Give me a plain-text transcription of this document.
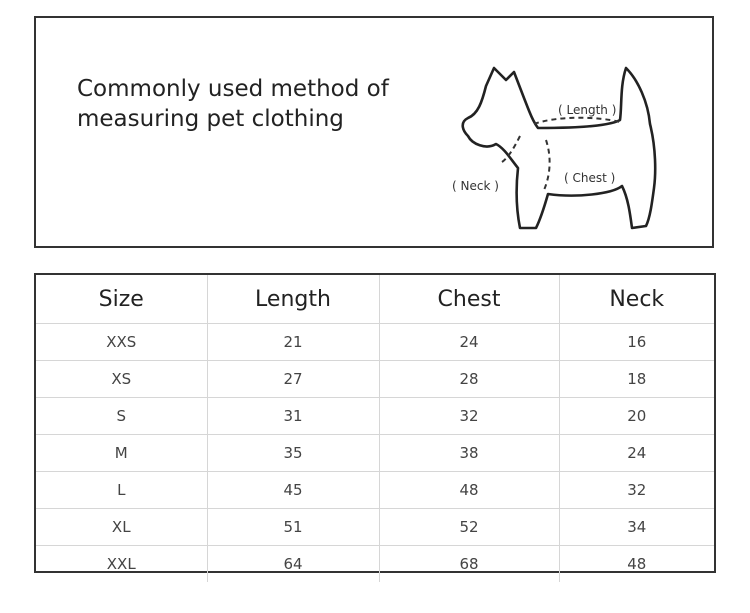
Commonly used method of
measuring pet clothing	( Length )
( Neck )
( Chest )
Size	Length	Chest	Neck
XXS	21	24	16
XS	27	28	18
S	31	32	20
M	35	38	24
L	45	48	32
XL	51	52	34
XXL	64	68	48
